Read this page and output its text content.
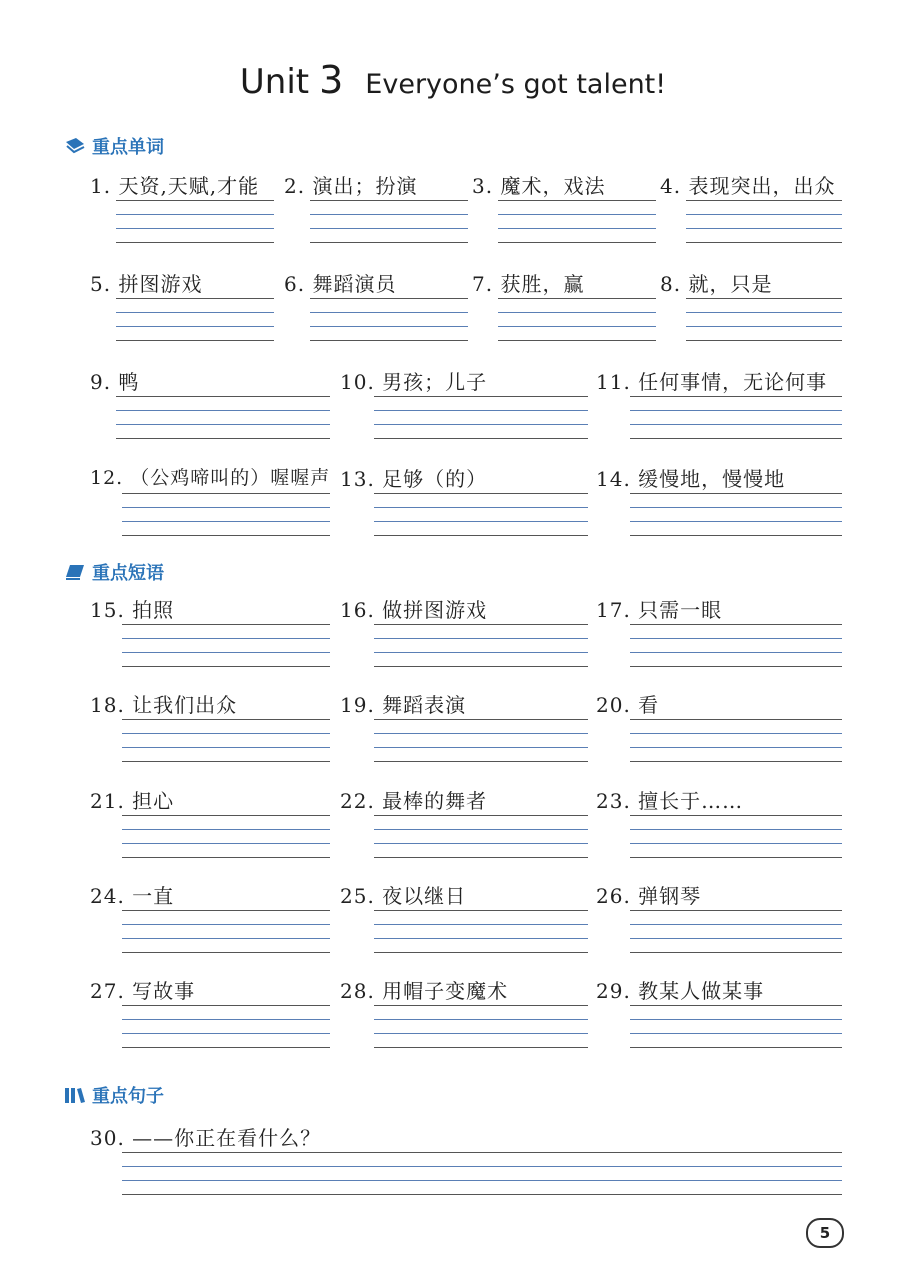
Unit 3 Everyone’s got talent!
重点单词
1. 天资,天赋,才能 2. 演出；扮演	3. 魔术，戏法	4. 表现突出，出众
5. 拼图游戏	6. 舞蹈演员	7. 获胜，赢	8. 就，只是
9. 鸭	10. 男孩；儿子	11. 任何事情，无论何事
12. （公鸡啼叫的）喔喔声 13. 足够（的）	14. 缓慢地，慢慢地
重点短语
15. 拍照	16. 做拼图游戏	17. 只需一眼
18. 让我们出众	19. 舞蹈表演	20. 看
21. 担心	22. 最棒的舞者	23. 擅长于……
24. 一直	25. 夜以继日	26. 弹钢琴
27. 写故事	28. 用帽子变魔术	29. 教某人做某事
重点句子
30. ——你正在看什么？
5
